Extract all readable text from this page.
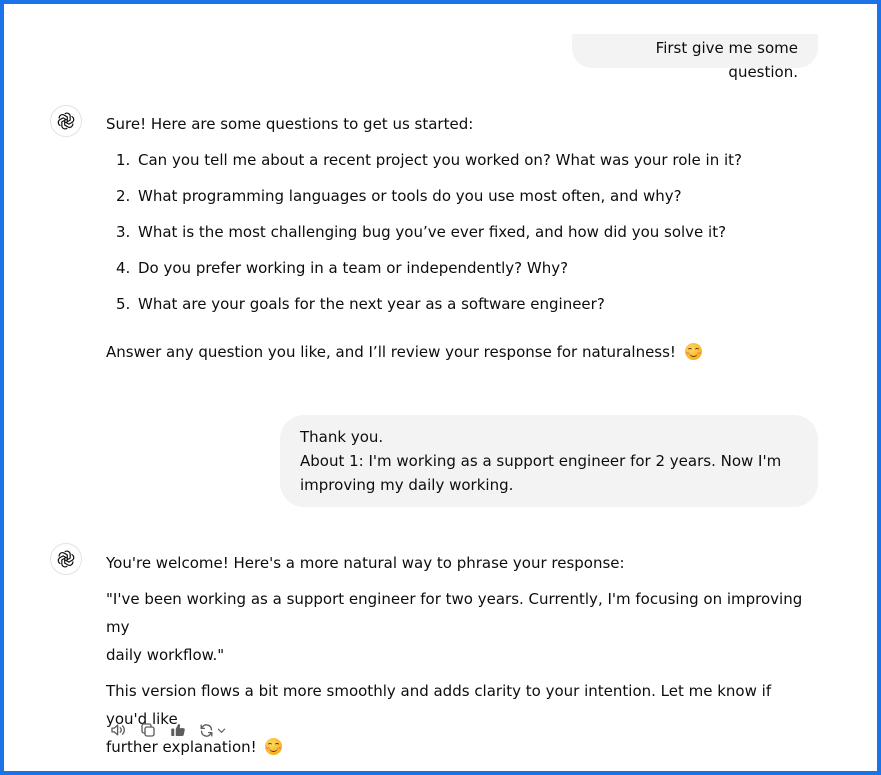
First give me some question.

Sure! Here are some questions to get us started:

1. Can you tell me about a recent project you worked on? What was your role in it?
2. What programming languages or tools do you use most often, and why?
3. What is the most challenging bug you’ve ever fixed, and how did you solve it?
4. Do you prefer working in a team or independently? Why?
5. What are your goals for the next year as a software engineer?

Answer any question you like, and I’ll review your response for naturalness!

Thank you.
About 1: I'm working as a support engineer for 2 years. Now I'm
improving my daily working.

You're welcome! Here's a more natural way to phrase your response:

"I've been working as a support engineer for two years. Currently, I'm focusing on improving my
daily workflow."

This version flows a bit more smoothly and adds clarity to your intention. Let me know if you'd like
further explanation!
